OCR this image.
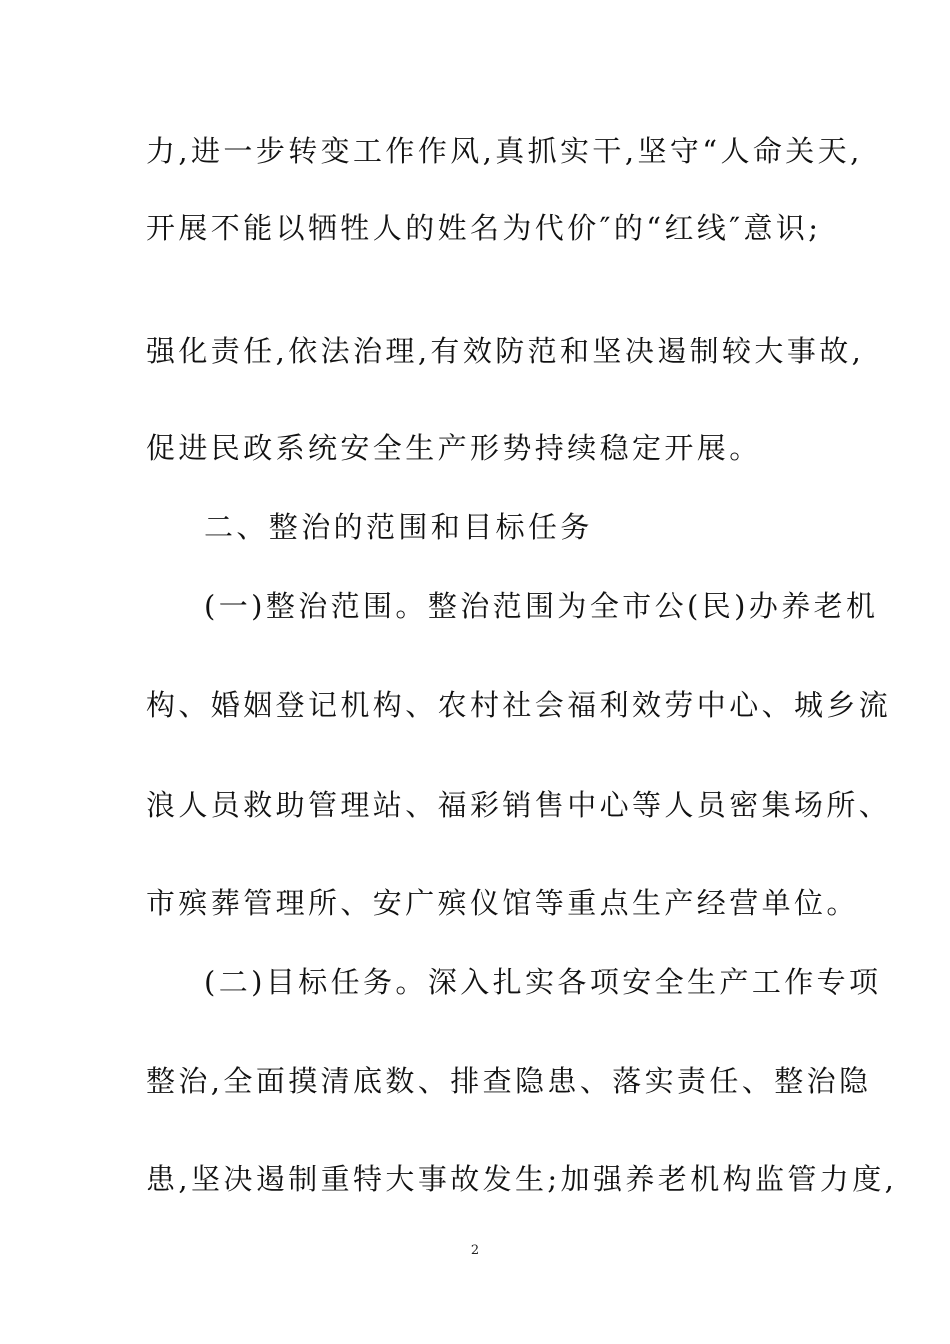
力,进一步转变工作作风,真抓实干,坚守“人命关天,
开展不能以牺牲人的姓名为代价″的“红线″意识;
强化责任,依法治理,有效防范和坚决遏制较大事故,
促进民政系统安全生产形势持续稳定开展。
二、整治的范围和目标任务
(一)整治范围。整治范围为全市公(民)办养老机
构、婚姻登记机构、农村社会福利效劳中心、城乡流
浪人员救助管理站、福彩销售中心等人员密集场所、
市殡葬管理所、安广殡仪馆等重点生产经营单位。
(二)目标任务。深入扎实各项安全生产工作专项
整治,全面摸清底数、排查隐患、落实责任、整治隐
患,坚决遏制重特大事故发生;加强养老机构监管力度,
2
